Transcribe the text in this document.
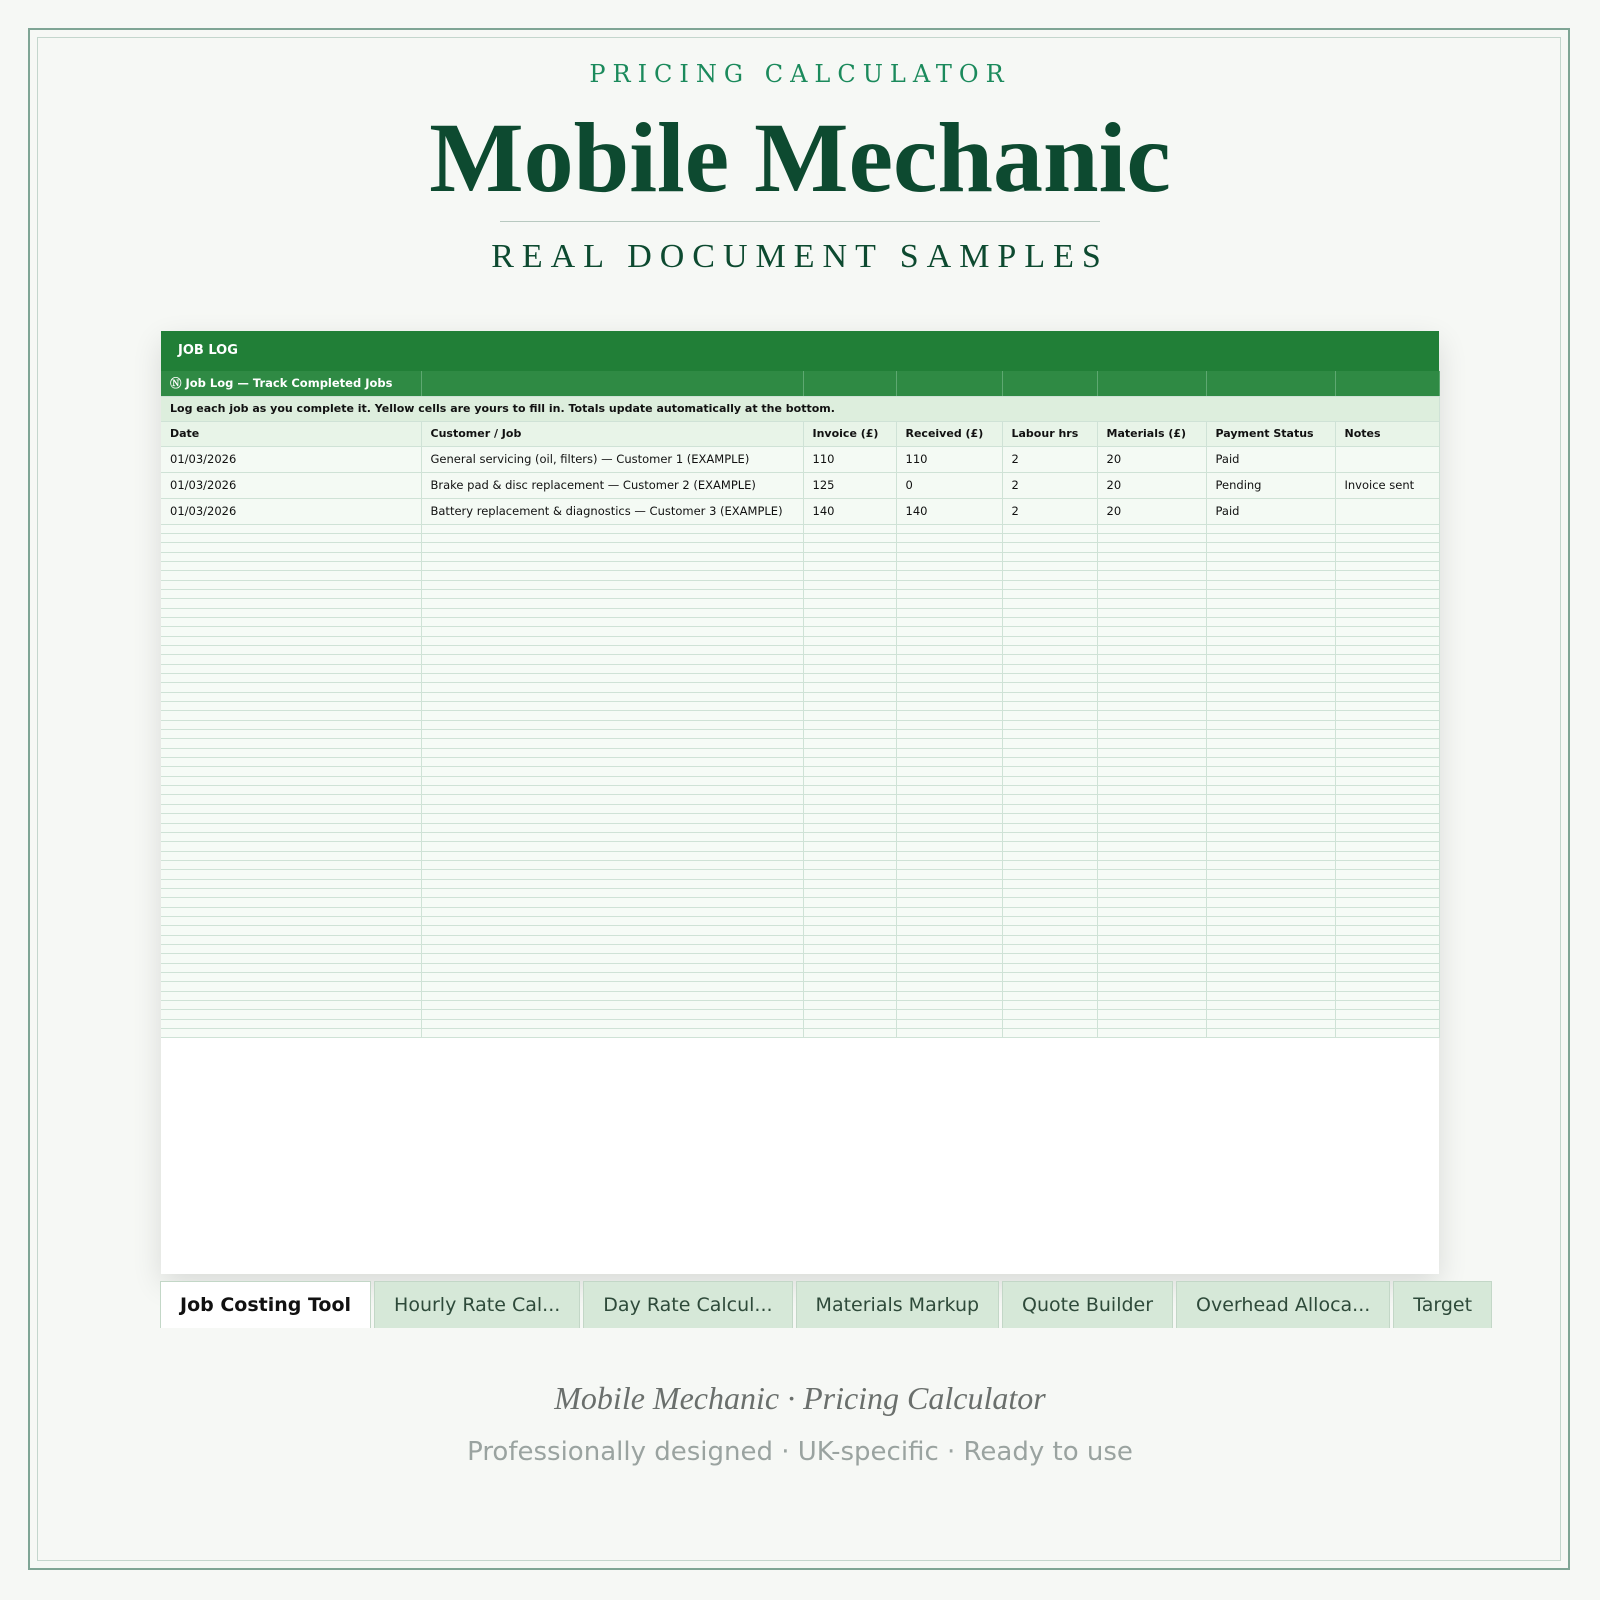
PRICING CALCULATOR
Mobile Mechanic
REAL DOCUMENT SAMPLES
JOB LOG
Ⓝ Job Log — Track Completed Jobs							
Log each job as you complete it. Yellow cells are yours to fill in. Totals update automatically at the bottom.							
Date	Customer / Job	Invoice (£)	Received (£)	Labour hrs	Materials (£)	Payment Status	Notes
01/03/2026	General servicing (oil, filters) — Customer 1 (EXAMPLE)	110	110	2	20	Paid	
01/03/2026	Brake pad & disc replacement — Customer 2 (EXAMPLE)	125	0	2	20	Pending	Invoice sent
01/03/2026	Battery replacement & diagnostics — Customer 3 (EXAMPLE)	140	140	2	20	Paid	

Job Costing Tool Hourly Rate Cal... Day Rate Calcul... Materials Markup Quote Builder Overhead Alloca... Target
Mobile Mechanic · Pricing Calculator
Professionally designed · UK-specific · Ready to use
